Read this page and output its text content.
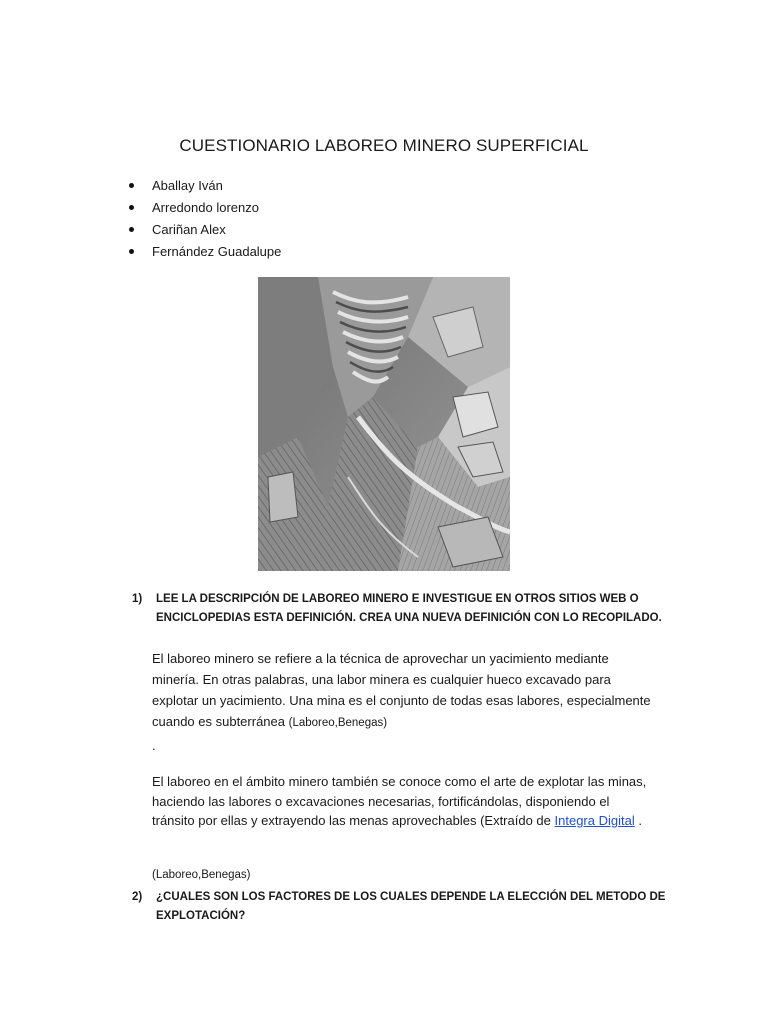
CUESTIONARIO LABOREO MINERO SUPERFICIAL
Aballay Iván
Arredondo lorenzo
Cariñan Alex
Fernández Guadalupe
1) LEE LA DESCRIPCIÓN DE LABOREO MINERO E INVESTIGUE EN OTROS SITIOS WEB O
ENCICLOPEDIAS ESTA DEFINICIÓN. CREA UNA NUEVA DEFINICIÓN CON LO RECOPILADO.
El laboreo minero se refiere a la técnica de aprovechar un yacimiento mediante minería. En otras palabras, una labor minera es cualquier hueco excavado para explotar un yacimiento. Una mina es el conjunto de todas esas labores, especialmente cuando es subterránea (Laboreo,Benegas)
.
El laboreo en el ámbito minero también se conoce como el arte de explotar las minas, haciendo las labores o excavaciones necesarias, fortificándolas, disponiendo el tránsito por ellas y extrayendo las menas aprovechables (Extraído de Integra Digital .
(Laboreo,Benegas)
2) ¿CUALES SON LOS FACTORES DE LOS CUALES DEPENDE LA ELECCIÓN DEL METODO DE
EXPLOTACIÓN?
